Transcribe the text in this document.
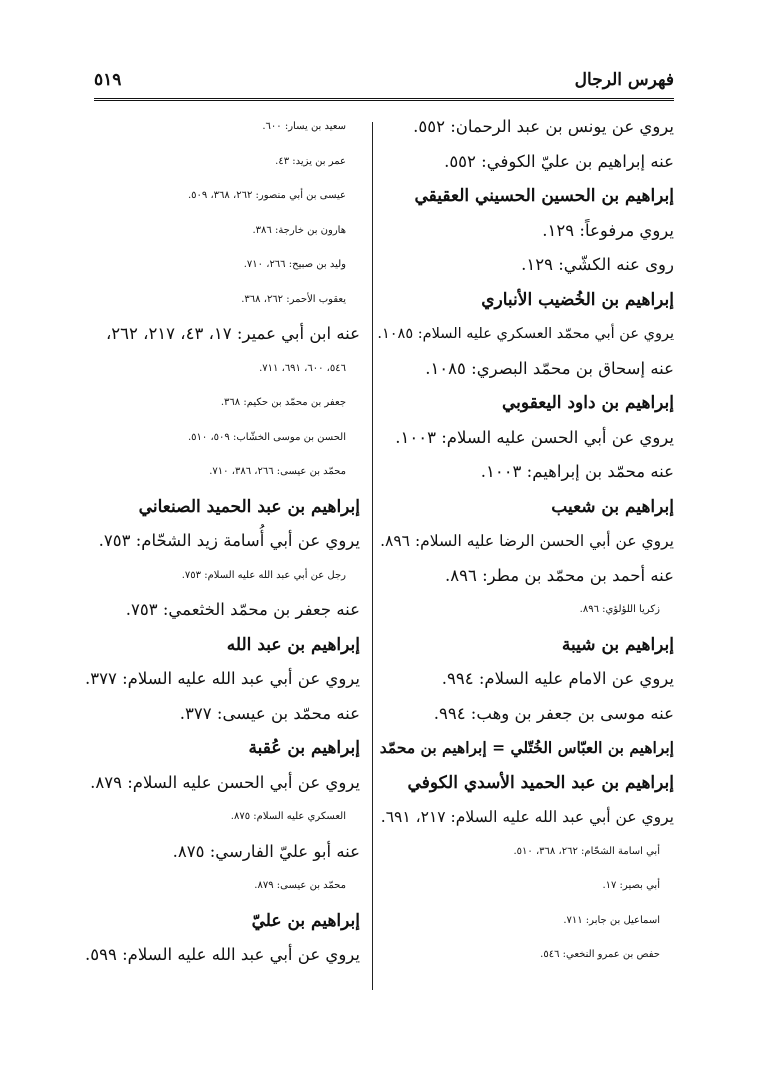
فهرس الرجال
٥١٩
يروي عن يونس بن عبد الرحمان: ٥٥٢.
عنه إبراهيم بن عليّ الكوفي: ٥٥٢.
إبراهيم بن الحسين الحسيني العقيقي
يروي مرفوعاً: ١٢٩.
روى عنه الكشّي: ١٢٩.
إبراهيم بن الخُضيب الأنباري
يروي عن أبي محمّد العسكري عليه السلام: ١٠٨٥.
عنه إسحاق بن محمّد البصري: ١٠٨٥.
إبراهيم بن داود اليعقوبي
يروي عن أبي الحسن عليه السلام: ١٠٠٣.
عنه محمّد بن إبراهيم: ١٠٠٣.
إبراهيم بن شعيب
يروي عن أبي الحسن الرضا عليه السلام: ٨٩٦.
عنه أحمد بن محمّد بن مطر: ٨٩٦.
زكريا اللؤلؤي: ٨٩٦.
إبراهيم بن شيبة
يروي عن الامام عليه السلام: ٩٩٤.
عنه موسى بن جعفر بن وهب: ٩٩٤.
إبراهيم بن العبّاس الخُتّلي = إبراهيم بن محمّد
إبراهيم بن عبد الحميد الأسدي الكوفي
يروي عن أبي عبد الله عليه السلام: ٢١٧، ٦٩١.
أبي اسامة الشحّام: ٢٦٢، ٣٦٨، ٥١٠.
أبي بصير: ١٧.
اسماعيل بن جابر: ٧١١.
حفص بن عمرو النخعي: ٥٤٦.
سعيد بن يسار: ٦٠٠.
عمر بن يزيد: ٤٣.
عيسى بن أبي منصور: ٢٦٢، ٣٦٨، ٥٠٩.
هارون بن خارجة: ٣٨٦.
وليد بن صبيح: ٢٦٦، ٧١٠.
يعقوب الأحمر: ٢٦٢، ٣٦٨.
عنه ابن أبي عمير: ١٧، ٤٣، ٢١٧، ٢٦٢،
٥٤٦، ٦٠٠، ٦٩١، ٧١١.
جعفر بن محمّد بن حكيم: ٣٦٨.
الحسن بن موسى الخشّاب: ٥٠٩، ٥١٠.
محمّد بن عيسى: ٢٦٦، ٣٨٦، ٧١٠.
إبراهيم بن عبد الحميد الصنعاني
يروي عن أبي أُسامة زيد الشحّام: ٧٥٣.
رجل عن أبي عبد الله عليه السلام: ٧٥٣.
عنه جعفر بن محمّد الخثعمي: ٧٥٣.
إبراهيم بن عبد الله
يروي عن أبي عبد الله عليه السلام: ٣٧٧.
عنه محمّد بن عيسى: ٣٧٧.
إبراهيم بن عُقبة
يروي عن أبي الحسن عليه السلام: ٨٧٩.
العسكري عليه السلام: ٨٧٥.
عنه أبو عليّ الفارسي: ٨٧٥.
محمّد بن عيسى: ٨٧٩.
إبراهيم بن عليّ
يروي عن أبي عبد الله عليه السلام: ٥٩٩.
